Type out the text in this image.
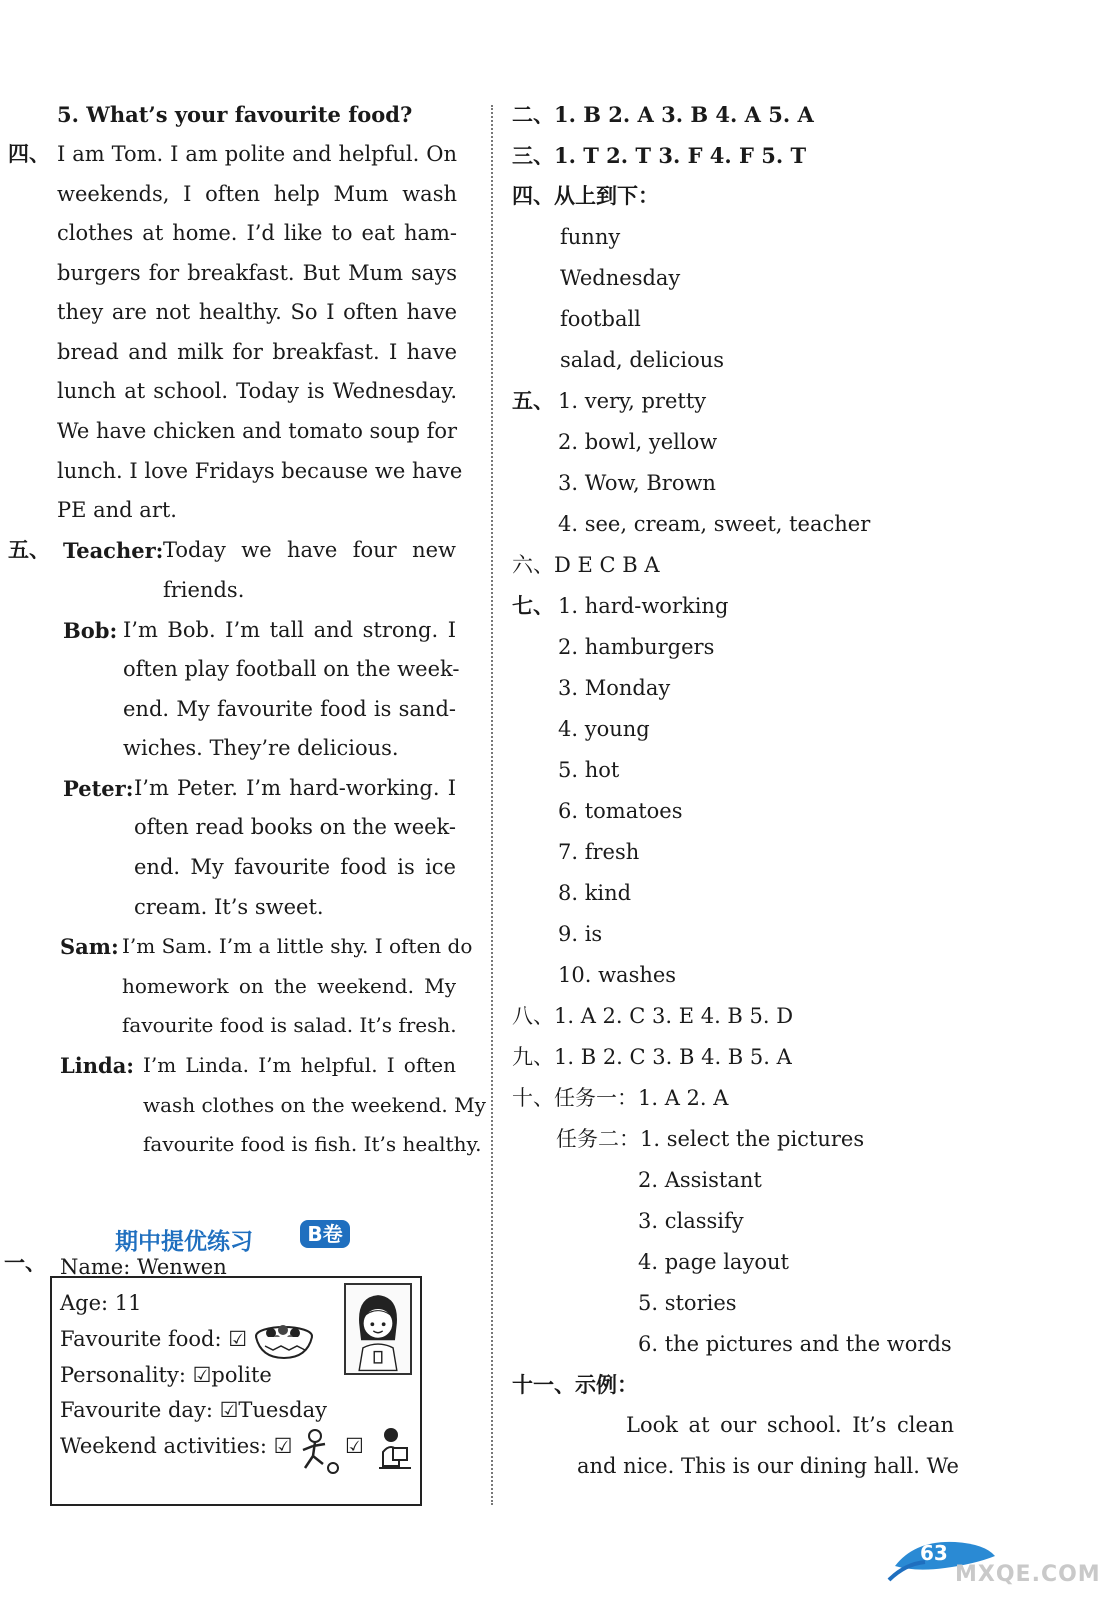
5. What’s your favourite food?
四、 I am Tom. I am polite and helpful. On
weekends, I often help Mum wash
clothes at home. I’d like to eat ham-
burgers for breakfast. But Mum says
they are not healthy. So I often have
bread and milk for breakfast. I have
lunch at school. Today is Wednesday.
We have chicken and tomato soup for
lunch. I love Fridays because we have
PE and art.
五、 Teacher: Today we have four new
friends.
Bob: I’m Bob. I’m tall and strong. I
often play football on the week-
end. My favourite food is sand-
wiches. They’re delicious.
Peter: I’m Peter. I’m hard-working. I
often read books on the week-
end. My favourite food is ice
cream. It’s sweet.
Sam: I’m Sam. I’m a little shy. I often do
homework on the weekend. My
favourite food is salad. It’s fresh.
Linda: I’m Linda. I’m helpful. I often
wash clothes on the weekend. My
favourite food is fish. It’s healthy.
期中提优练习	B卷
一、 Name: Wenwen
Age: 11
Favourite food: ☑
Personality: ☑polite
Favourite day: ☑Tuesday
Weekend activities: ☑	☑
二、1. B 2. A 3. B 4. A 5. A
三、1. T 2. T 3. F 4. F 5. T
四、从上到下：
funny
Wednesday
football
salad, delicious
五、 1. very, pretty
2. bowl, yellow
3. Wow, Brown
4. see, cream, sweet, teacher
六、D E C B A
七、 1. hard-working
2. hamburgers
3. Monday
4. young
5. hot
6. tomatoes
7. fresh
8. kind
9. is
10. washes
八、1. A 2. C 3. E 4. B 5. D
九、1. B 2. C 3. B 4. B 5. A
十、任务一：1. A 2. A
任务二：1. select the pictures
2. Assistant
3. classify
4. page layout
5. stories
6. the pictures and the words
十一、示例：
Look at our school. It’s clean
and nice. This is our dining hall. We
63
MXQE.COM
